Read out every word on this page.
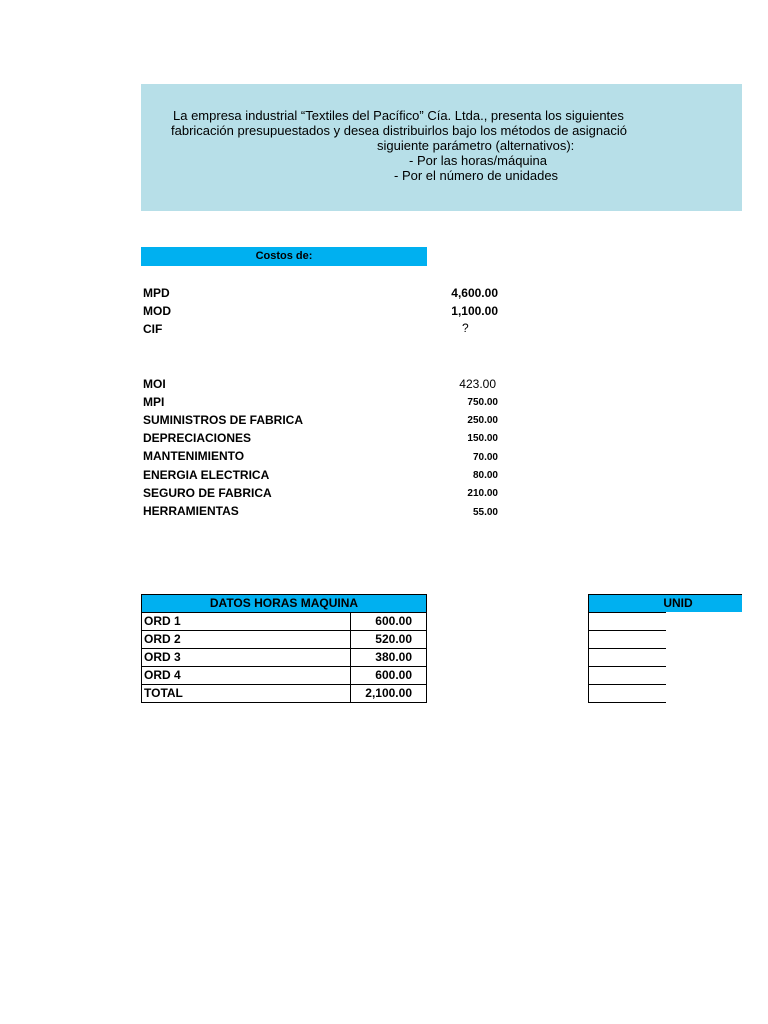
La empresa industrial “Textiles del Pacífico” Cía. Ltda., presenta los siguientes
fabricación presupuestados y desea distribuirlos bajo los métodos de asignació
siguiente parámetro (alternativos):
- Por las horas/máquina
- Por el número de unidades
Costos de:
MPD	4,600.00
MOD	1,100.00
CIF	?
MOI	423.00
MPI	750.00
SUMINISTROS DE FABRICA	250.00
DEPRECIACIONES	150.00
MANTENIMIENTO	70.00
ENERGIA ELECTRICA	80.00
SEGURO DE FABRICA	210.00
HERRAMIENTAS	55.00
DATOS HORAS MAQUINA	
ORD 1	600.00
ORD 2	520.00
ORD 3	380.00
ORD 4	600.00
TOTAL	2,100.00
UNID
